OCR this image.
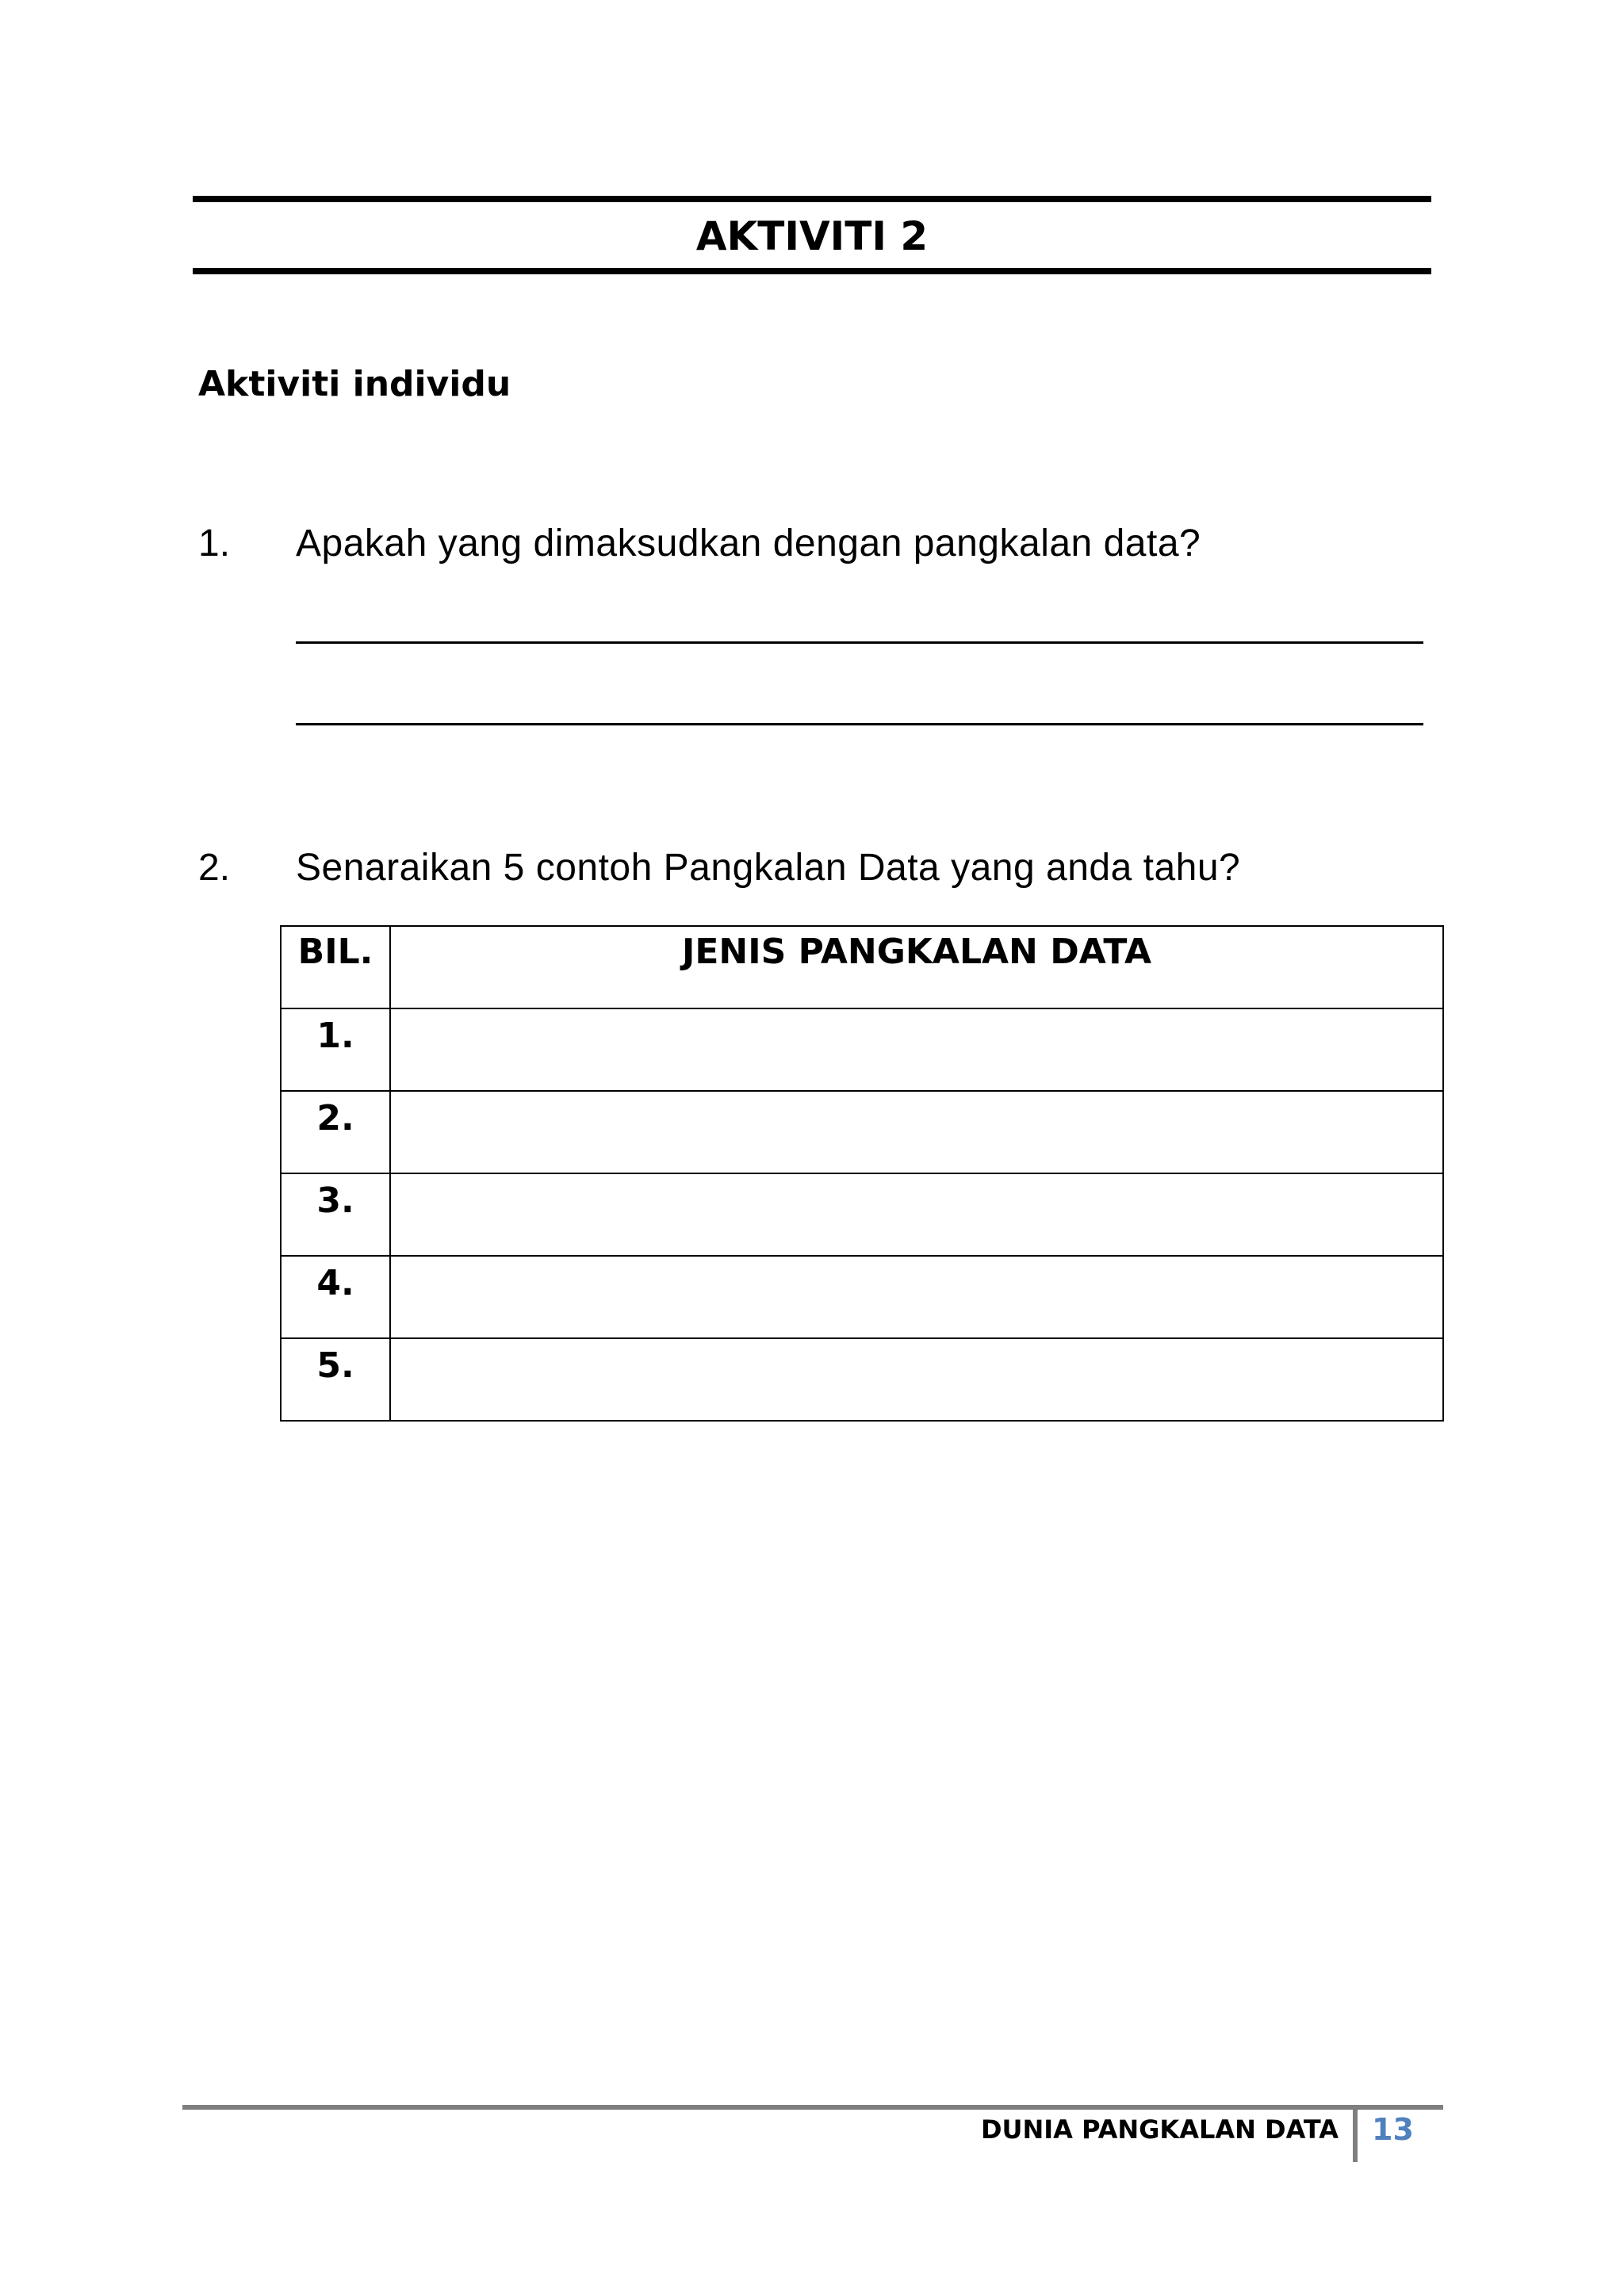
AKTIVITI 2
Aktiviti individu
1. Apakah yang dimaksudkan dengan pangkalan data?
2. Senaraikan 5 contoh Pangkalan Data yang anda tahu?
BIL.	JENIS PANGKALAN DATA
1.	
2.	
3.	
4.	
5.	
DUNIA PANGKALAN DATA 13
